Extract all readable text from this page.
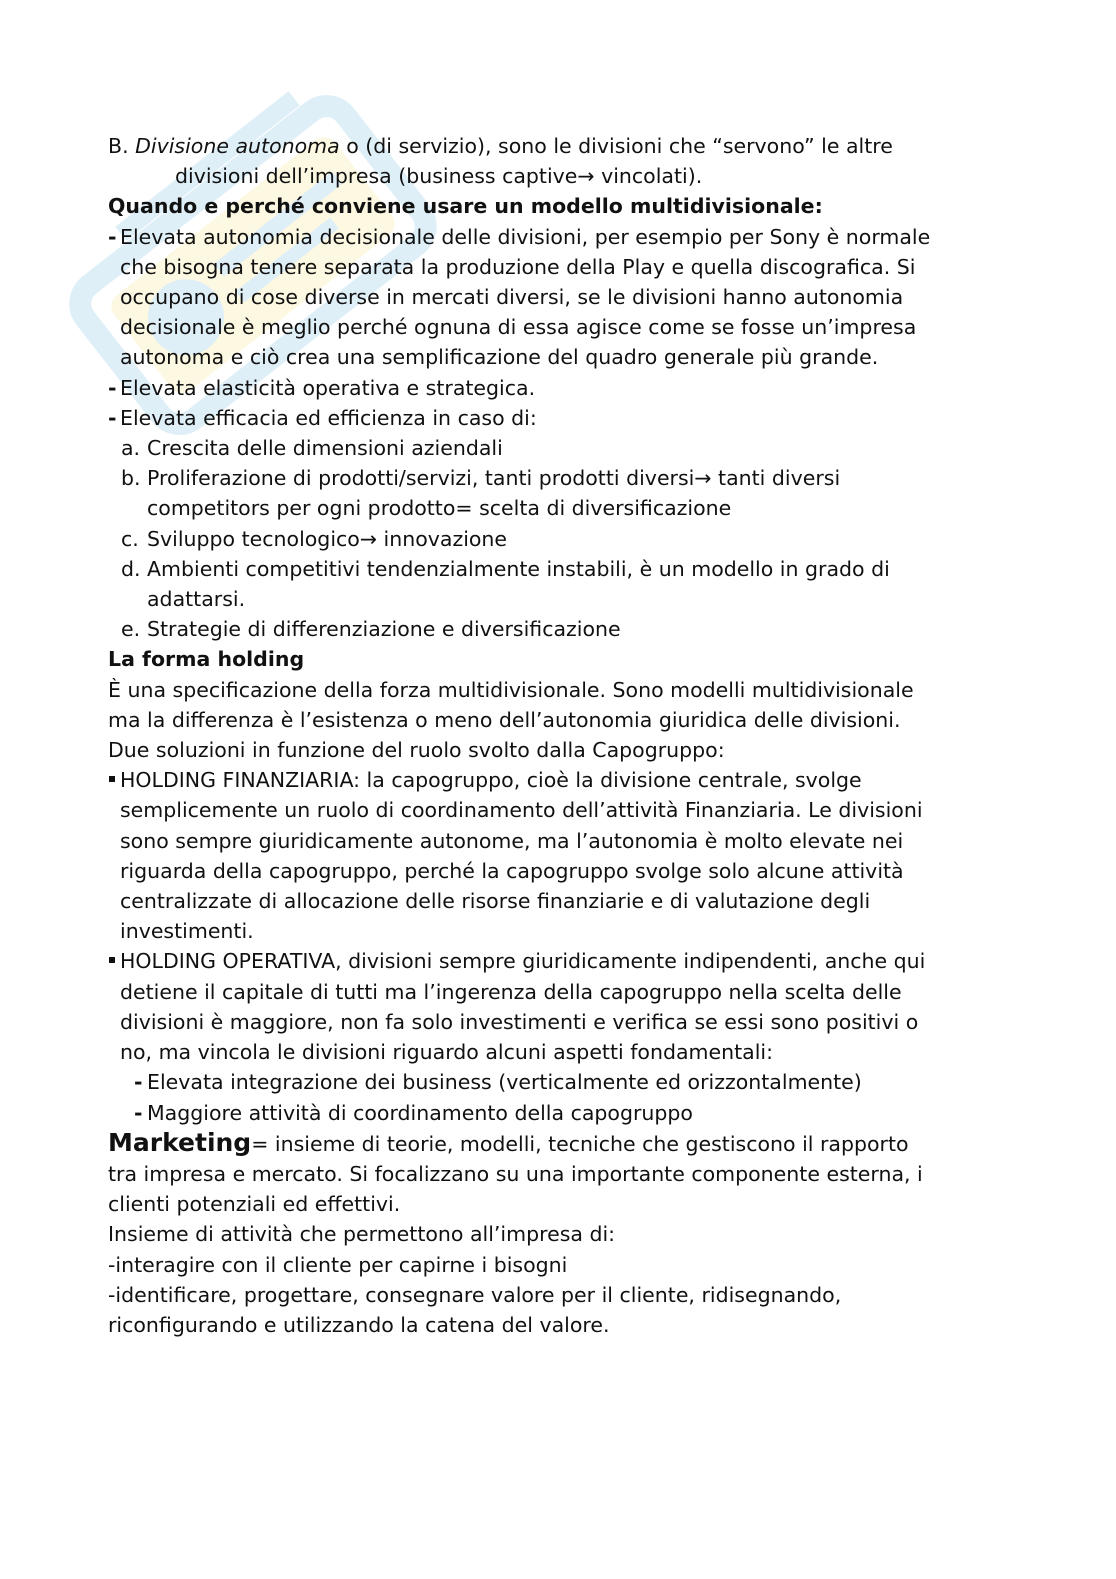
B. Divisione autonoma o (di servizio), sono le divisioni che “servono” le altre
divisioni dell’impresa (business captive→ vincolati).
Quando e perché conviene usare un modello multidivisionale:
- Elevata autonomia decisionale delle divisioni, per esempio per Sony è normale
che bisogna tenere separata la produzione della Play e quella discografica. Si
occupano di cose diverse in mercati diversi, se le divisioni hanno autonomia
decisionale è meglio perché ognuna di essa agisce come se fosse un’impresa
autonoma e ciò crea una semplificazione del quadro generale più grande.
- Elevata elasticità operativa e strategica.
- Elevata efficacia ed efficienza in caso di:
a. Crescita delle dimensioni aziendali
b. Proliferazione di prodotti/servizi, tanti prodotti diversi→ tanti diversi
competitors per ogni prodotto= scelta di diversificazione
c. Sviluppo tecnologico→ innovazione
d. Ambienti competitivi tendenzialmente instabili, è un modello in grado di
adattarsi.
e. Strategie di differenziazione e diversificazione
La forma holding
È una specificazione della forza multidivisionale. Sono modelli multidivisionale
ma la differenza è l’esistenza o meno dell’autonomia giuridica delle divisioni.
Due soluzioni in funzione del ruolo svolto dalla Capogruppo:
HOLDING FINANZIARIA: la capogruppo, cioè la divisione centrale, svolge
semplicemente un ruolo di coordinamento dell’attività Finanziaria. Le divisioni
sono sempre giuridicamente autonome, ma l’autonomia è molto elevate nei
riguarda della capogruppo, perché la capogruppo svolge solo alcune attività
centralizzate di allocazione delle risorse finanziarie e di valutazione degli
investimenti.
HOLDING OPERATIVA, divisioni sempre giuridicamente indipendenti, anche qui
detiene il capitale di tutti ma l’ingerenza della capogruppo nella scelta delle
divisioni è maggiore, non fa solo investimenti e verifica se essi sono positivi o
no, ma vincola le divisioni riguardo alcuni aspetti fondamentali:
- Elevata integrazione dei business (verticalmente ed orizzontalmente)
- Maggiore attività di coordinamento della capogruppo
Marketing= insieme di teorie, modelli, tecniche che gestiscono il rapporto
tra impresa e mercato. Si focalizzano su una importante componente esterna, i
clienti potenziali ed effettivi.
Insieme di attività che permettono all’impresa di:
-interagire con il cliente per capirne i bisogni
-identificare, progettare, consegnare valore per il cliente, ridisegnando,
riconfigurando e utilizzando la catena del valore.
